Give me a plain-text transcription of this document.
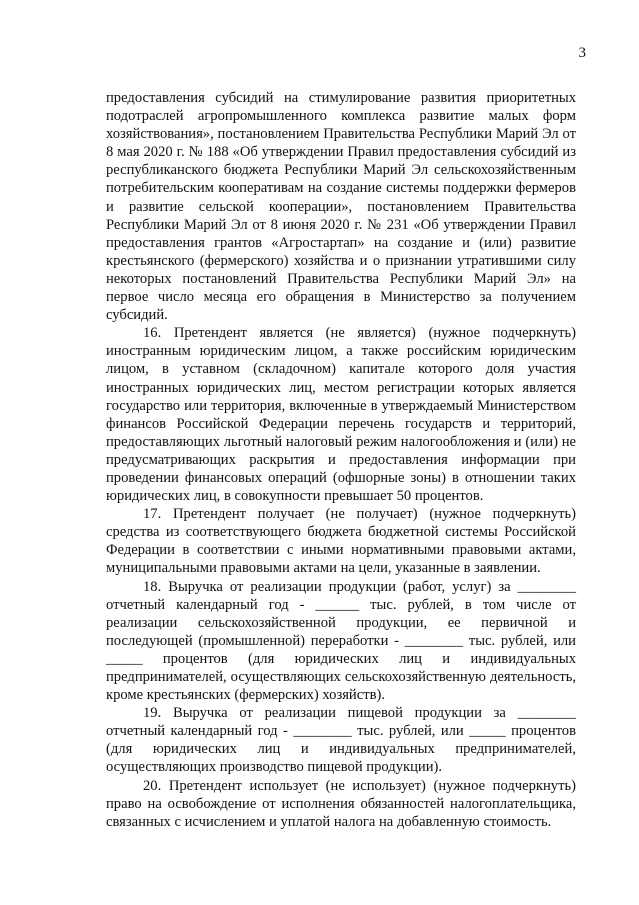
3

предоставления субсидий на стимулирование развития приоритетных подотраслей агропромышленного комплекса развитие малых форм хозяйствования», постановлением Правительства Республики Марий Эл от 8 мая 2020 г. № 188 «Об утверждении Правил предоставления субсидий из республиканского бюджета Республики Марий Эл сельскохозяйственным потребительским кооперативам на создание системы поддержки фермеров и развитие сельской кооперации», постановлением Правительства Республики Марий Эл от 8 июня 2020 г. № 231 «Об утверждении Правил предоставления грантов «Агростартап» на создание и (или) развитие крестьянского (фермерского) хозяйства и о признании утратившими силу некоторых постановлений Правительства Республики Марий Эл» на первое число месяца его обращения в Министерство за получением субсидий.

16. Претендент является (не является) (нужное подчеркнуть) иностранным юридическим лицом, а также российским юридическим лицом, в уставном (складочном) капитале которого доля участия иностранных юридических лиц, местом регистрации которых является государство или территория, включенные в утверждаемый Министерством финансов Российской Федерации перечень государств и территорий, предоставляющих льготный налоговый режим налогообложения и (или) не предусматривающих раскрытия и предоставления информации при проведении финансовых операций (офшорные зоны) в отношении таких юридических лиц, в совокупности превышает 50 процентов.

17. Претендент получает (не получает) (нужное подчеркнуть) средства из соответствующего бюджета бюджетной системы Российской Федерации в соответствии с иными нормативными правовыми актами, муниципальными правовыми актами на цели, указанные в заявлении.

18. Выручка от реализации продукции (работ, услуг) за ________ отчетный календарный год - ______ тыс. рублей, в том числе от реализации сельскохозяйственной продукции, ее первичной и последующей (промышленной) переработки - ________ тыс. рублей, или _____ процентов (для юридических лиц и индивидуальных предпринимателей, осуществляющих сельскохозяйственную деятельность, кроме крестьянских (фермерских) хозяйств).

19. Выручка от реализации пищевой продукции за ________ отчетный календарный год - ________ тыс. рублей, или _____ процентов (для юридических лиц и индивидуальных предпринимателей, осуществляющих производство пищевой продукции).

20. Претендент использует (не использует) (нужное подчеркнуть) право на освобождение от исполнения обязанностей налогоплательщика, связанных с исчислением и уплатой налога на добавленную стоимость.
